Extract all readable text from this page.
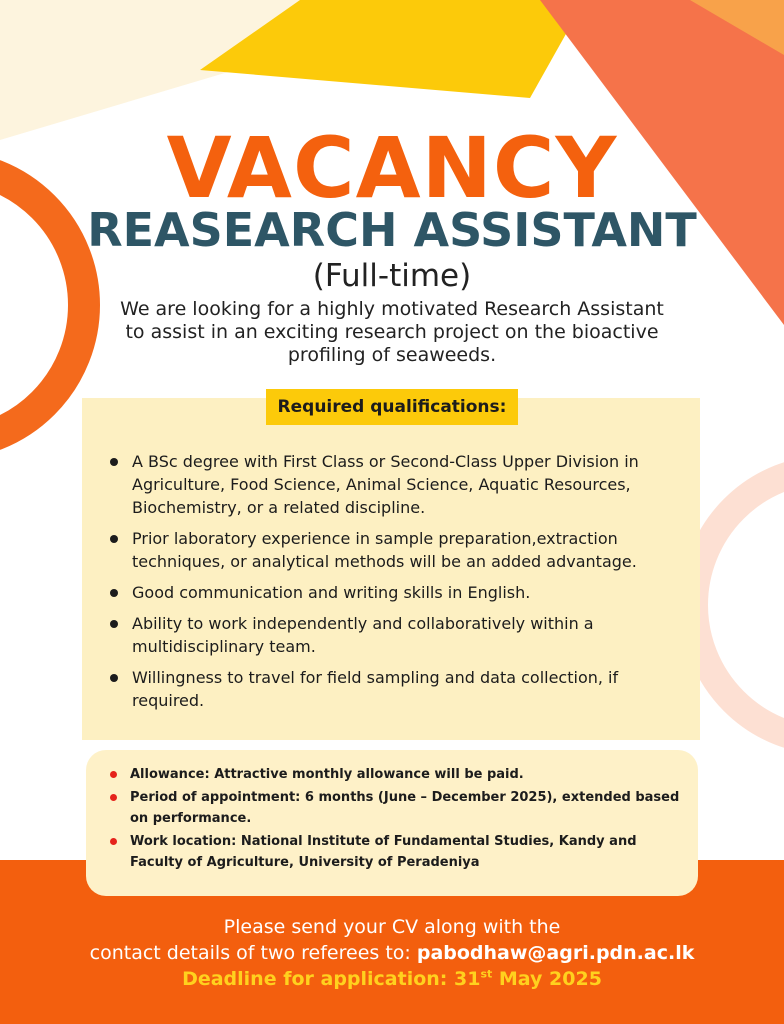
VACANCY
REASEARCH ASSISTANT
(Full-time)
We are looking for a highly motivated Research Assistant to assist in an exciting research project on the bioactive profiling of seaweeds.
Required qualifications:
A BSc degree with First Class or Second-Class Upper Division in Agriculture, Food Science, Animal Science, Aquatic Resources, Biochemistry, or a related discipline.
Prior laboratory experience in sample preparation,extraction techniques, or analytical methods will be an added advantage.
Good communication and writing skills in English.
Ability to work independently and collaboratively within a multidisciplinary team.
Willingness to travel for field sampling and data collection, if required.
Allowance: Attractive monthly allowance will be paid.
Period of appointment: 6 months (June – December 2025), extended based on performance.
Work location: National Institute of Fundamental Studies, Kandy and Faculty of Agriculture, University of Peradeniya
Please send your CV along with the
contact details of two referees to: pabodhaw@agri.pdn.ac.lk
Deadline for application: 31st May 2025
